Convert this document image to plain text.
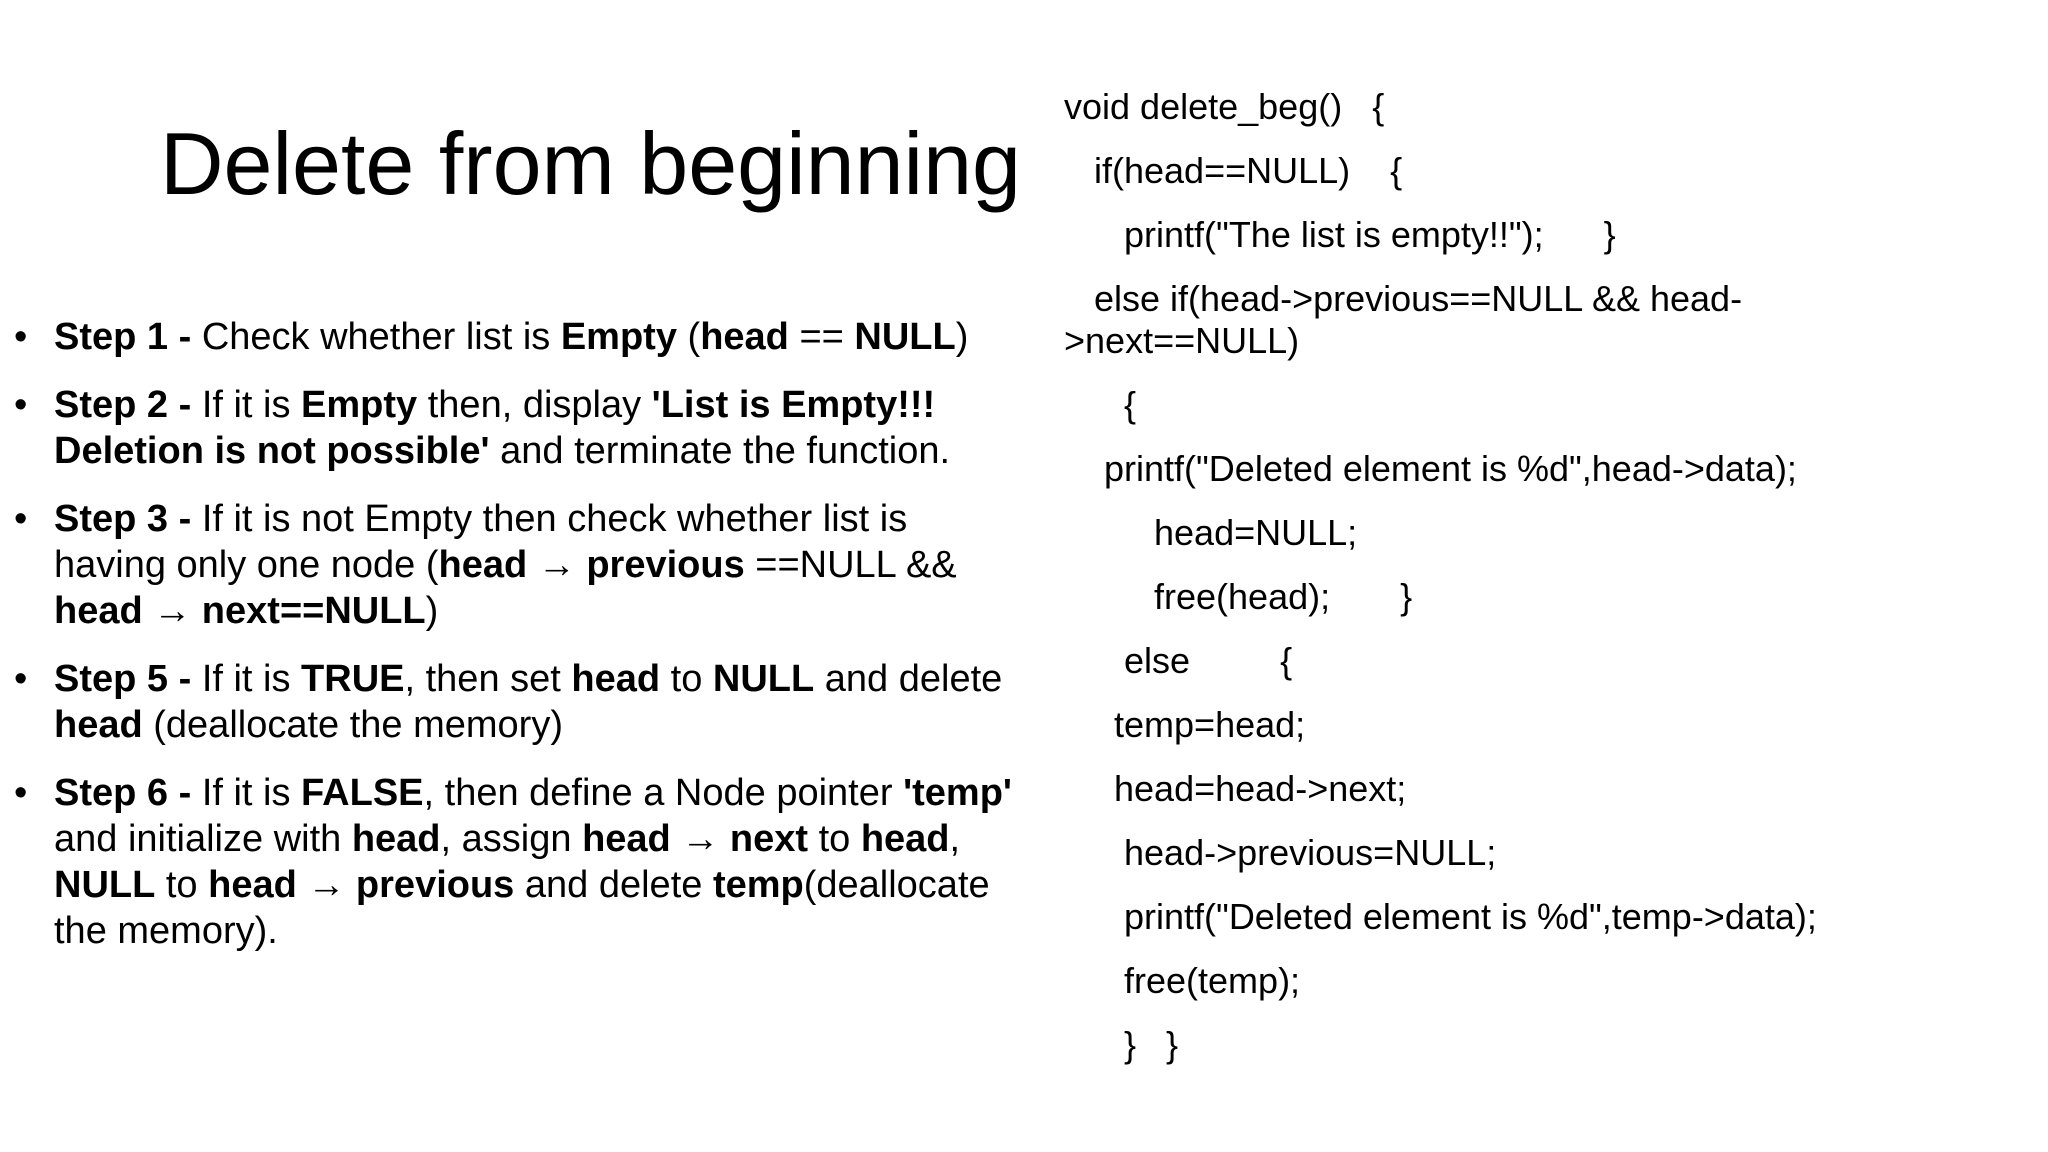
Delete from beginning
• Step 1 - Check whether list is Empty (head == NULL)
• Step 2 - If it is Empty then, display 'List is Empty!!! Deletion is not possible' and terminate the function.
• Step 3 - If it is not Empty then check whether list is having only one node (head → previous ==NULL && head → next==NULL)
• Step 5 - If it is TRUE, then set head to NULL and delete head (deallocate the memory)
• Step 6 - If it is FALSE, then define a Node pointer 'temp' and initialize with head, assign head → next to head, NULL to head → previous and delete temp(deallocate the memory).
void delete_beg()   {
if(head==NULL)    {
printf("The list is empty!!");      }
else if(head->previous==NULL && head-
>next==NULL)
{
printf("Deleted element is %d",head->data);
head=NULL;
free(head);       }
else         {
temp=head;
head=head->next;
head->previous=NULL;
printf("Deleted element is %d",temp->data);
free(temp);
}   }
